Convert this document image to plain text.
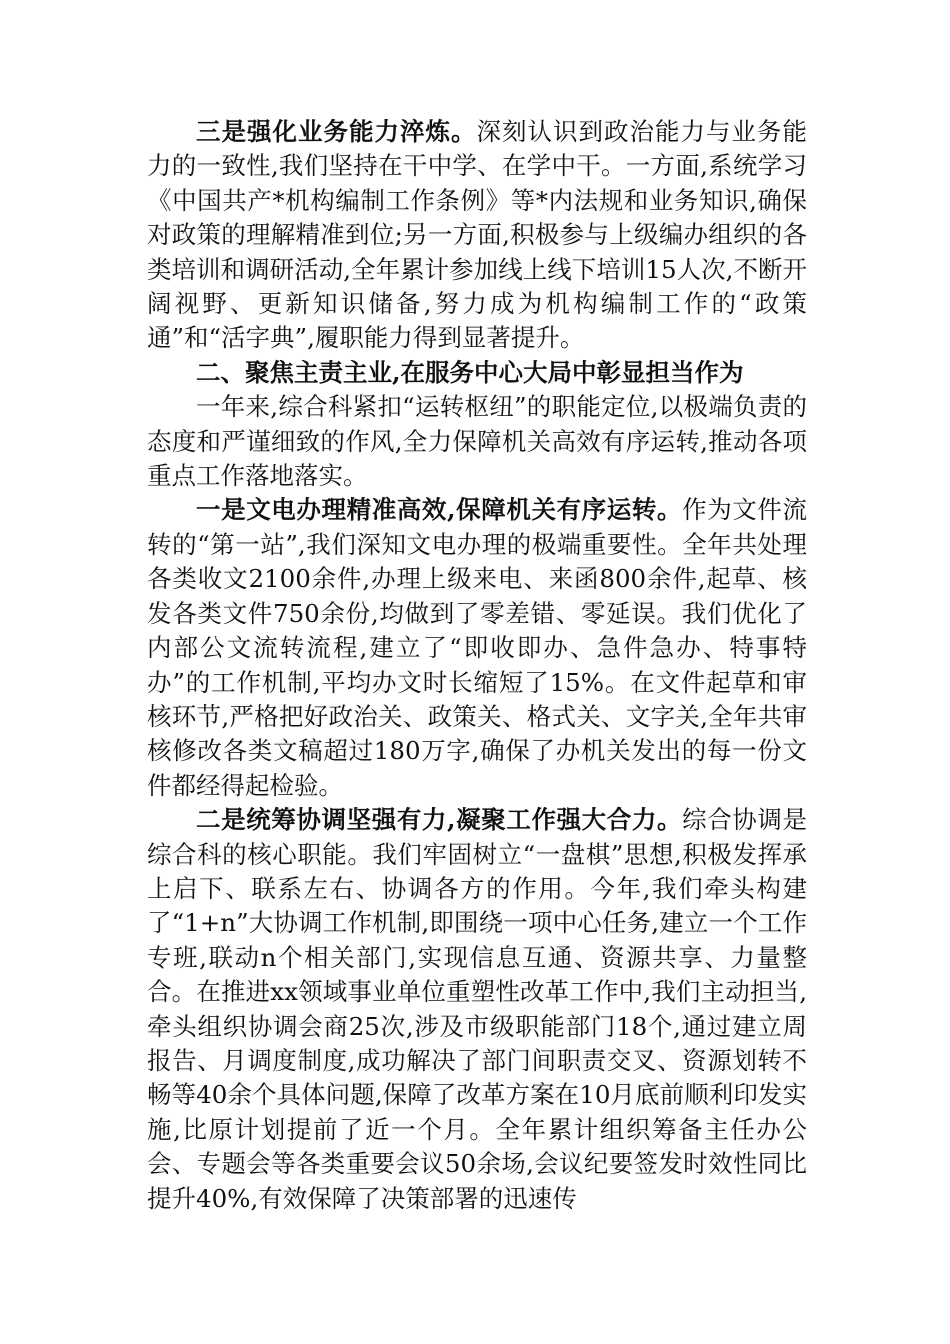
三是强化业务能力淬炼。深刻认识到政治能力与业务能力的一致性,我们坚持在干中学、在学中干。一方面,系统学习《中国共产*机构编制工作条例》等*内法规和业务知识,确保对政策的理解精准到位;另一方面,积极参与上级编办组织的各类培训和调研活动,全年累计参加线上线下培训15人次,不断开阔视野、更新知识储备,努力成为机构编制工作的“政策通”和“活字典”,履职能力得到显著提升。

二、聚焦主责主业,在服务中心大局中彰显担当作为

一年来,综合科紧扣“运转枢纽”的职能定位,以极端负责的态度和严谨细致的作风,全力保障机关高效有序运转,推动各项重点工作落地落实。

一是文电办理精准高效,保障机关有序运转。作为文件流转的“第一站”,我们深知文电办理的极端重要性。全年共处理各类收文2100余件,办理上级来电、来函800余件,起草、核发各类文件750余份,均做到了零差错、零延误。我们优化了内部公文流转流程,建立了“即收即办、急件急办、特事特办”的工作机制,平均办文时长缩短了15%。在文件起草和审核环节,严格把好政治关、政策关、格式关、文字关,全年共审核修改各类文稿超过180万字,确保了办机关发出的每一份文件都经得起检验。

二是统筹协调坚强有力,凝聚工作强大合力。综合协调是综合科的核心职能。我们牢固树立“一盘棋”思想,积极发挥承上启下、联系左右、协调各方的作用。今年,我们牵头构建了“1+n”大协调工作机制,即围绕一项中心任务,建立一个工作专班,联动n个相关部门,实现信息互通、资源共享、力量整合。在推进xx领域事业单位重塑性改革工作中,我们主动担当,牵头组织协调会商25次,涉及市级职能部门18个,通过建立周报告、月调度制度,成功解决了部门间职责交叉、资源划转不畅等40余个具体问题,保障了改革方案在10月底前顺利印发实施,比原计划提前了近一个月。全年累计组织筹备主任办公会、专题会等各类重要会议50余场,会议纪要签发时效性同比提升40%,有效保障了决策部署的迅速传
